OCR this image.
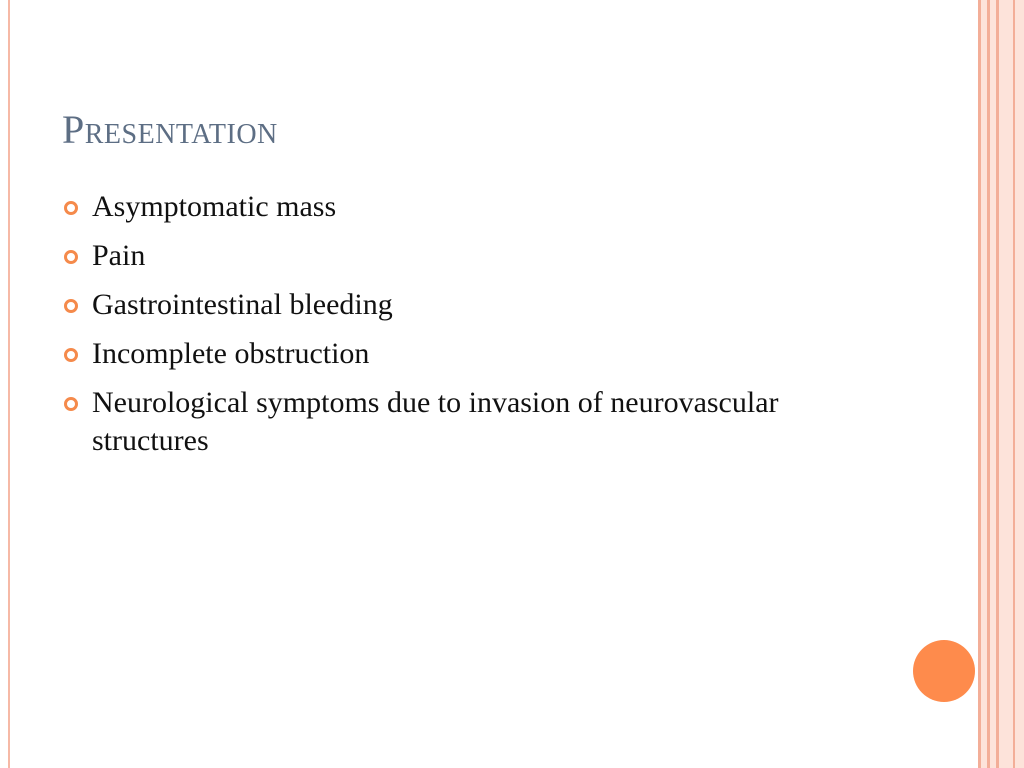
Presentation
Asymptomatic mass
Pain
Gastrointestinal bleeding
Incomplete obstruction
Neurological symptoms due to invasion of neurovascular structures
